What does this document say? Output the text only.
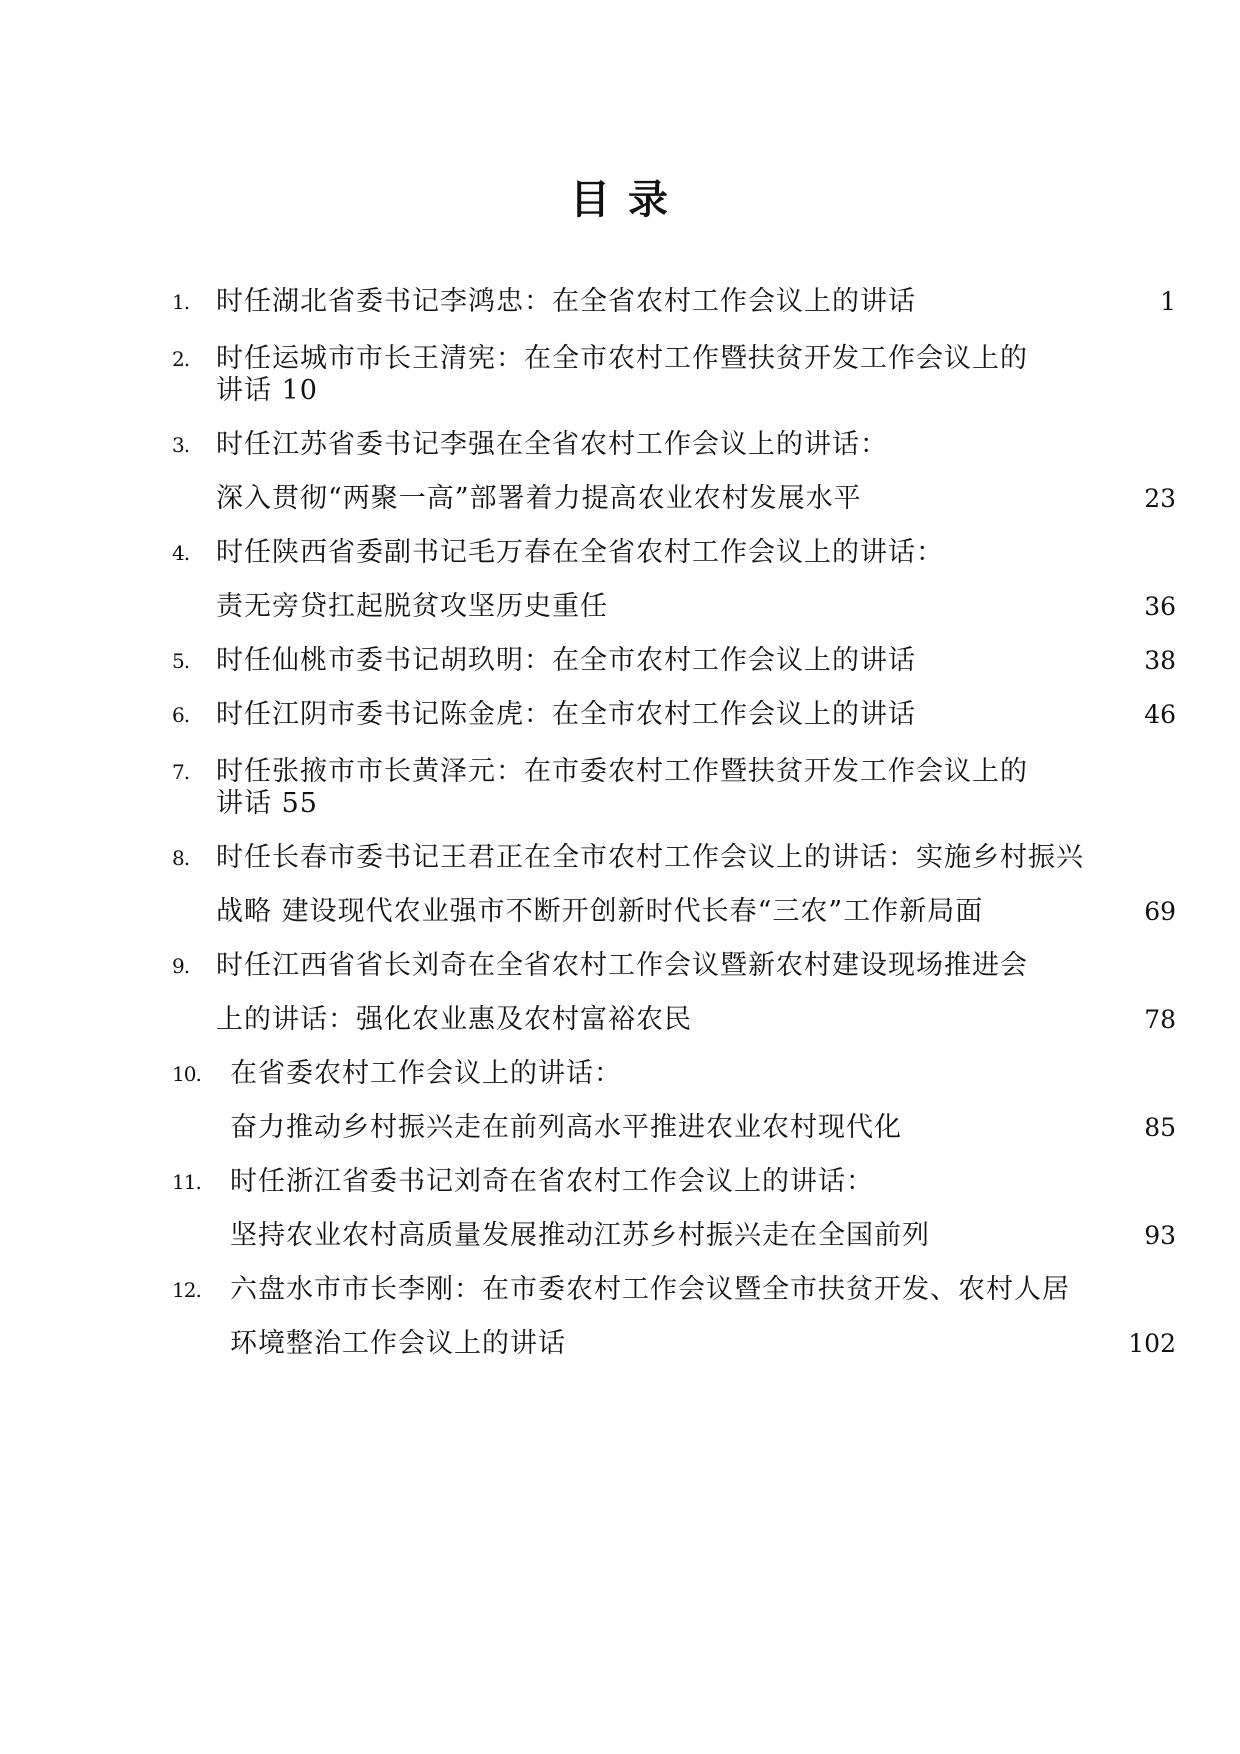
目 录
1. 时任湖北省委书记李鸿忠：在全省农村工作会议上的讲话	1
2. 时任运城市市长王清宪：在全市农村工作暨扶贫开发工作会议上的
讲话 10
3. 时任江苏省委书记李强在全省农村工作会议上的讲话：
深入贯彻“两聚一高”部署着力提高农业农村发展水平	23
4. 时任陕西省委副书记毛万春在全省农村工作会议上的讲话：
责无旁贷扛起脱贫攻坚历史重任	36
5. 时任仙桃市委书记胡玖明：在全市农村工作会议上的讲话	38
6. 时任江阴市委书记陈金虎：在全市农村工作会议上的讲话	46
7. 时任张掖市市长黄泽元：在市委农村工作暨扶贫开发工作会议上的
讲话 55
8. 时任长春市委书记王君正在全市农村工作会议上的讲话：实施乡村振兴
战略 建设现代农业强市不断开创新时代长春“三农”工作新局面	69
9. 时任江西省省长刘奇在全省农村工作会议暨新农村建设现场推进会
上的讲话：强化农业惠及农村富裕农民	78
10. 在省委农村工作会议上的讲话：
奋力推动乡村振兴走在前列高水平推进农业农村现代化	85
11. 时任浙江省委书记刘奇在省农村工作会议上的讲话：
坚持农业农村高质量发展推动江苏乡村振兴走在全国前列	93
12. 六盘水市市长李刚：在市委农村工作会议暨全市扶贫开发、农村人居
环境整治工作会议上的讲话	102
